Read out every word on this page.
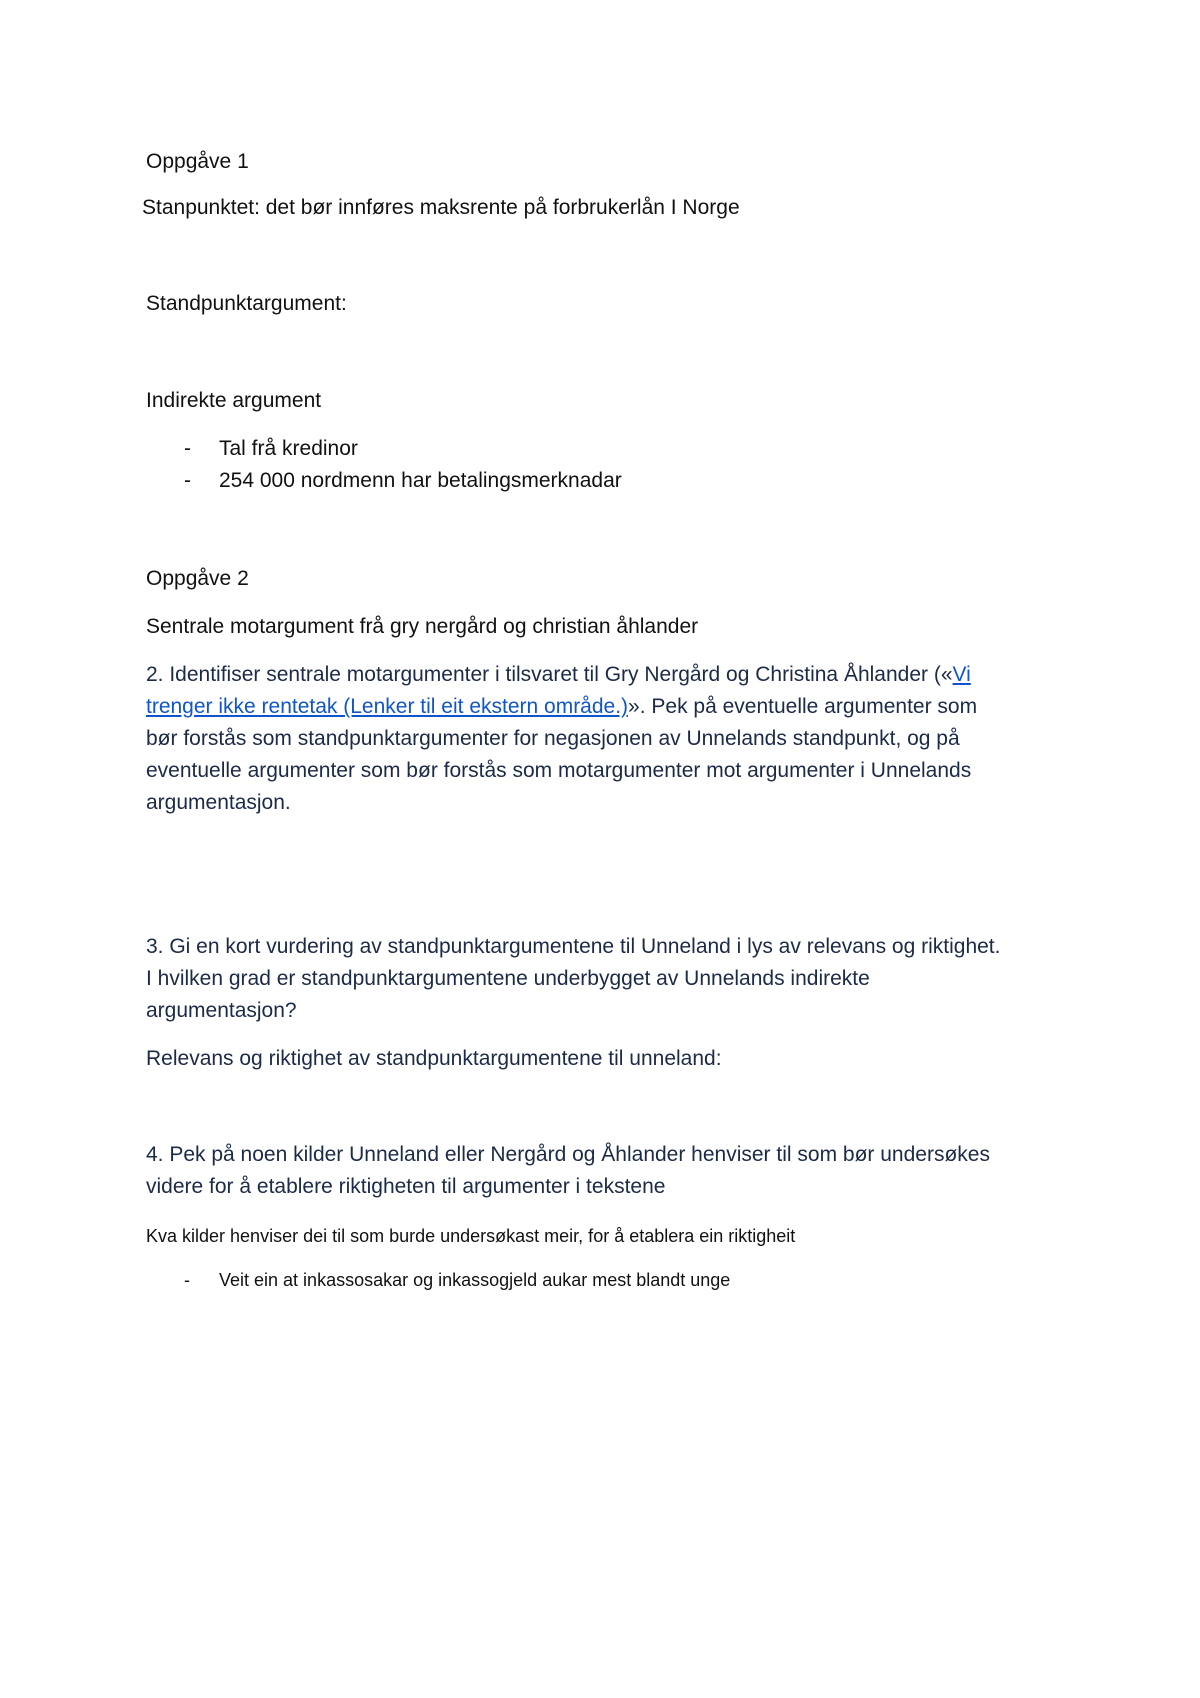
Oppgåve 1

Stanpunktet: det bør innføres maksrente på forbrukerlån I Norge

Standpunktargument:

Indirekte argument

- Tal frå kredinor
- 254 000 nordmenn har betalingsmerknadar

Oppgåve 2

Sentrale motargument frå gry nergård og christian åhlander

2. Identifiser sentrale motargumenter i tilsvaret til Gry Nergård og Christina Åhlander («Vi

trenger ikke rentetak (Lenker til eit ekstern område.)». Pek på eventuelle argumenter som

bør forstås som standpunktargumenter for negasjonen av Unnelands standpunkt, og på

eventuelle argumenter som bør forstås som motargumenter mot argumenter i Unnelands

argumentasjon.

3. Gi en kort vurdering av standpunktargumentene til Unneland i lys av relevans og riktighet.

I hvilken grad er standpunktargumentene underbygget av Unnelands indirekte

argumentasjon?

Relevans og riktighet av standpunktargumentene til unneland:

4. Pek på noen kilder Unneland eller Nergård og Åhlander henviser til som bør undersøkes

videre for å etablere riktigheten til argumenter i tekstene

Kva kilder henviser dei til som burde undersøkast meir, for å etablera ein riktigheit

- Veit ein at inkassosakar og inkassogjeld aukar mest blandt unge
